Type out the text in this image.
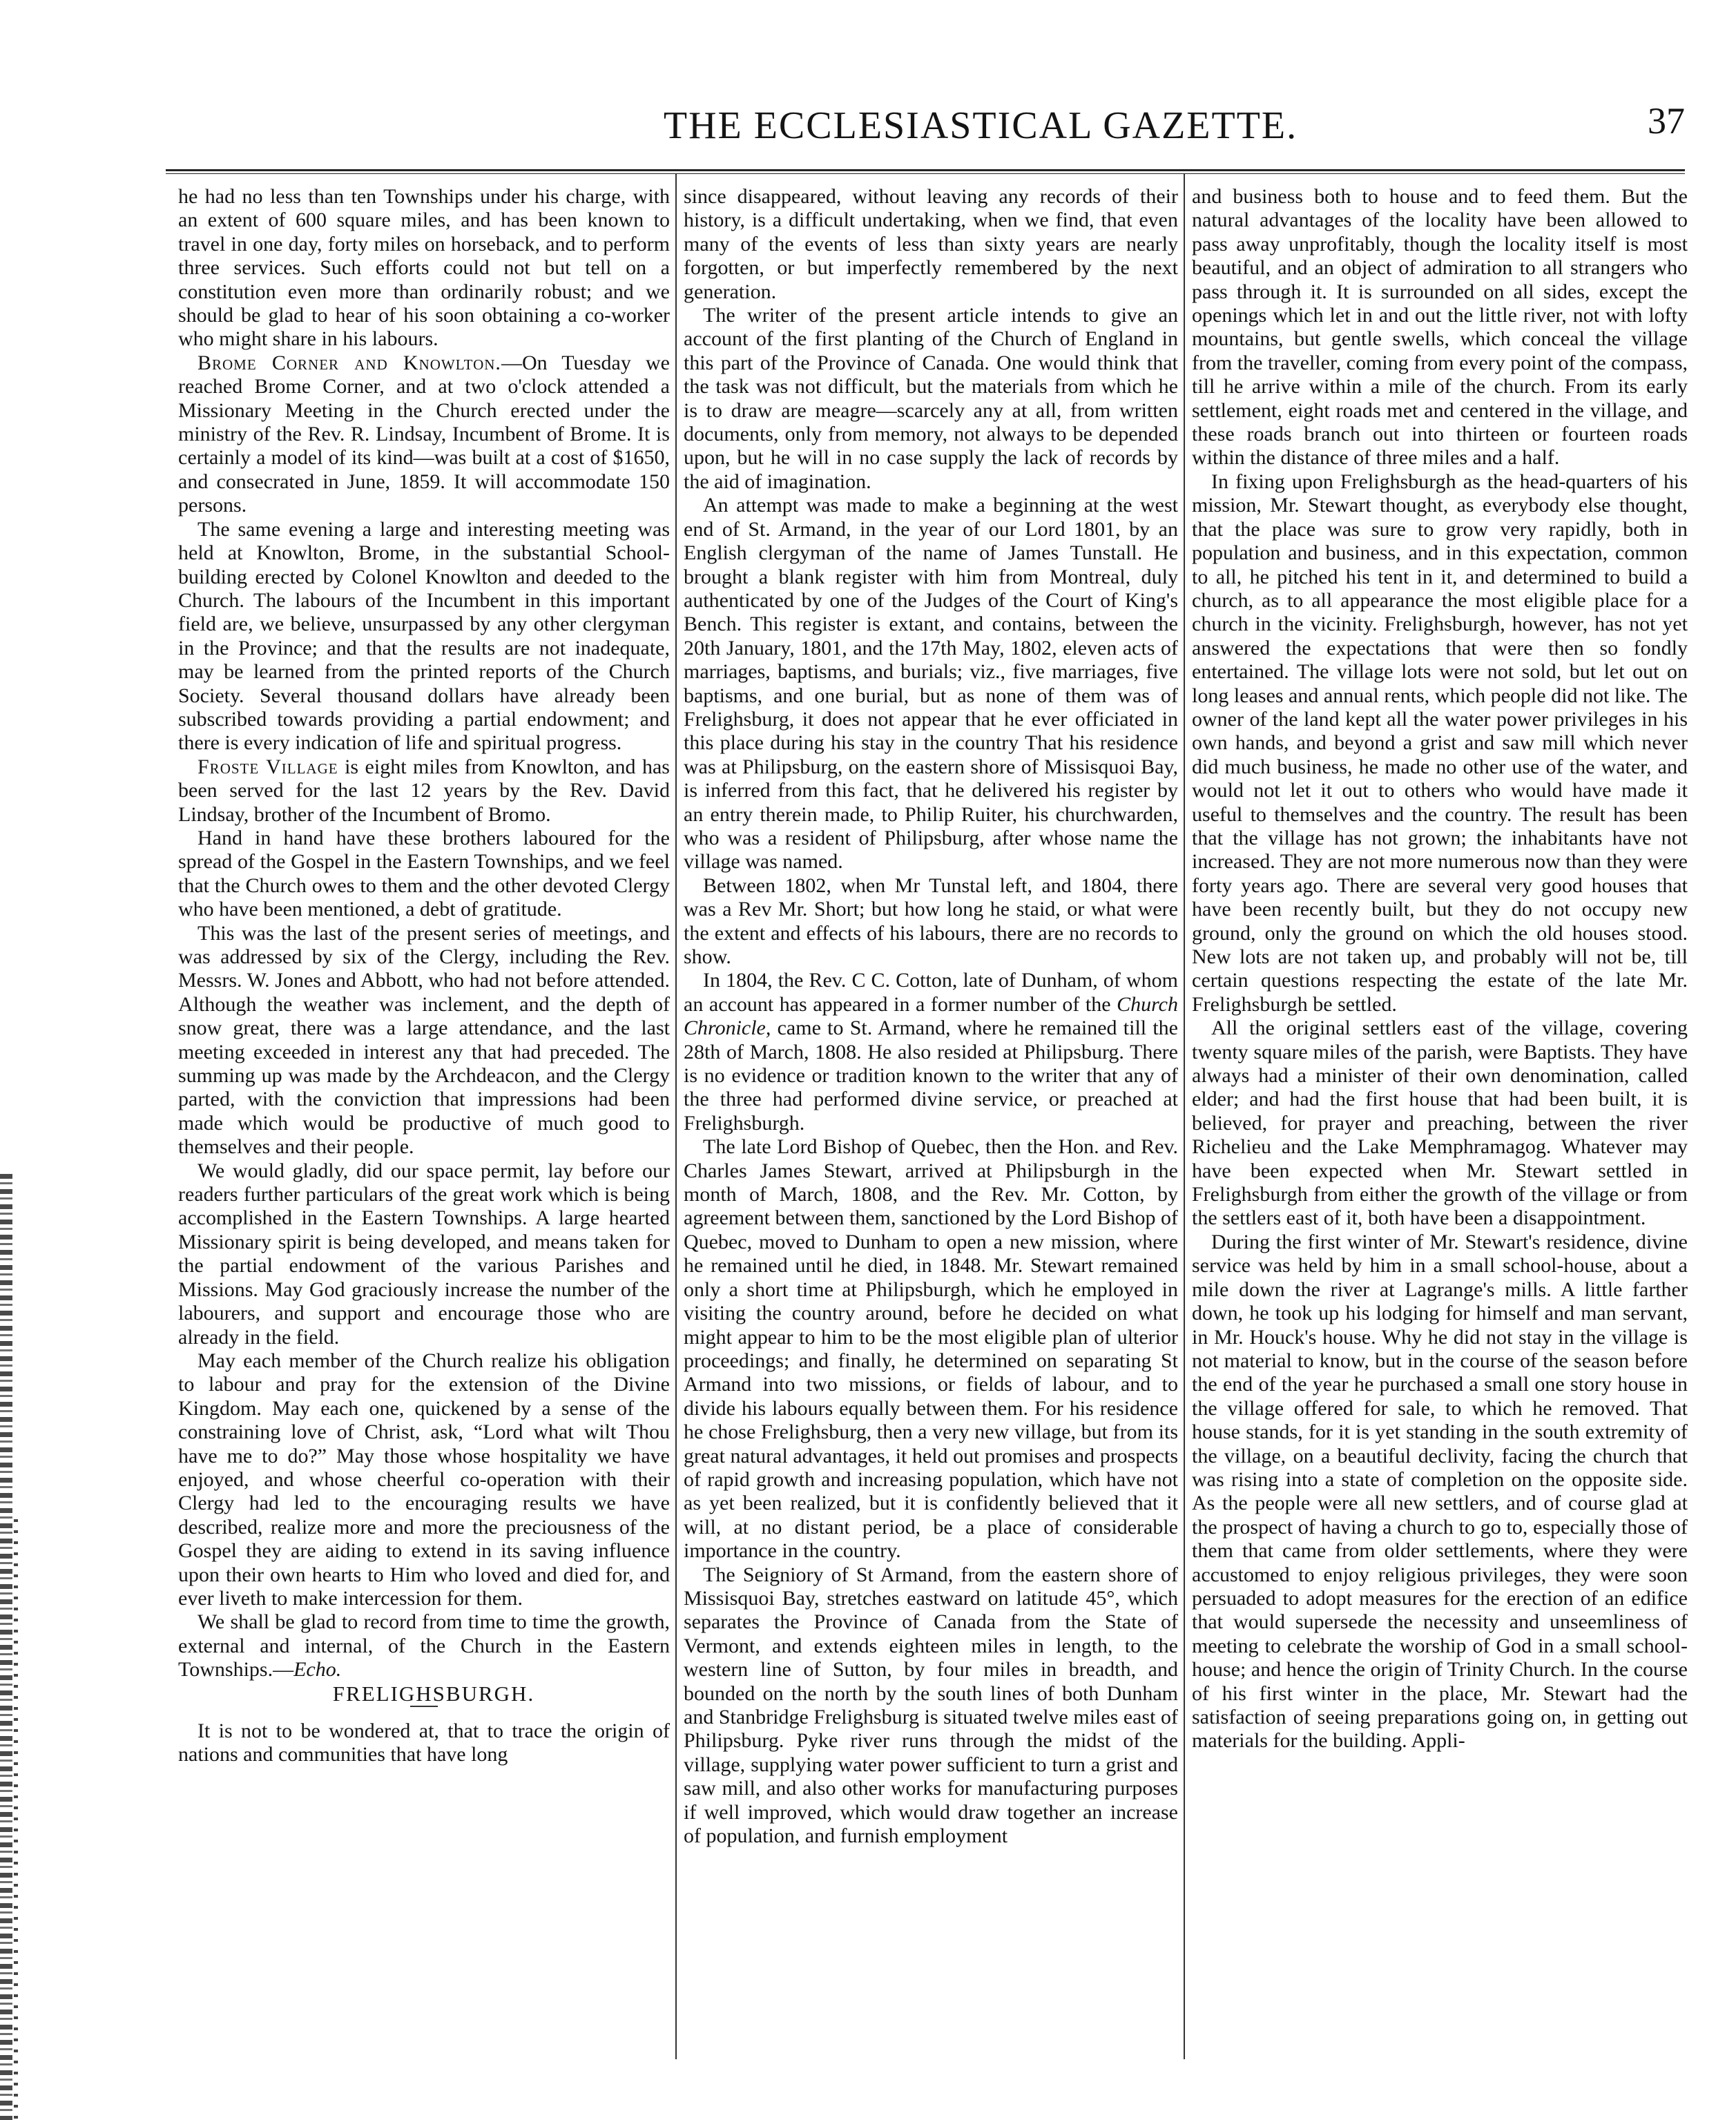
THE ECCLESIASTICAL GAZETTE.	37

he had no less than ten Townships under his charge, with an extent of 600 square miles, and has been known to travel in one day, forty miles on horseback, and to perform three services. Such efforts could not but tell on a constitution even more than ordinarily robust; and we should be glad to hear of his soon obtaining a co-worker who might share in his labours.

Brome Corner and Knowlton.—On Tuesday we reached Brome Corner, and at two o'clock attended a Missionary Meeting in the Church erected under the ministry of the Rev. R. Lindsay, Incumbent of Brome. It is certainly a model of its kind—was built at a cost of $1650, and consecrated in June, 1859. It will accommodate 150 persons.

The same evening a large and interesting meeting was held at Knowlton, Brome, in the substantial School-building erected by Colonel Knowlton and deeded to the Church. The labours of the Incumbent in this important field are, we believe, unsurpassed by any other clergyman in the Province; and that the results are not inadequate, may be learned from the printed reports of the Church Society. Several thousand dollars have already been subscribed towards providing a partial endowment; and there is every indication of life and spiritual progress.

Froste Village is eight miles from Knowlton, and has been served for the last 12 years by the Rev. David Lindsay, brother of the Incumbent of Bromo.

Hand in hand have these brothers laboured for the spread of the Gospel in the Eastern Townships, and we feel that the Church owes to them and the other devoted Clergy who have been mentioned, a debt of gratitude.

This was the last of the present series of meetings, and was addressed by six of the Clergy, including the Rev. Messrs. W. Jones and Abbott, who had not before attended. Although the weather was inclement, and the depth of snow great, there was a large attendance, and the last meeting exceeded in interest any that had preceded. The summing up was made by the Archdeacon, and the Clergy parted, with the conviction that impressions had been made which would be productive of much good to themselves and their people.

We would gladly, did our space permit, lay before our readers further particulars of the great work which is being accomplished in the Eastern Townships. A large hearted Missionary spirit is being developed, and means taken for the partial endowment of the various Parishes and Missions. May God graciously increase the number of the labourers, and support and encourage those who are already in the field.

May each member of the Church realize his obligation to labour and pray for the extension of the Divine Kingdom. May each one, quickened by a sense of the constraining love of Christ, ask, “Lord what wilt Thou have me to do?” May those whose hospitality we have enjoyed, and whose cheerful co-operation with their Clergy had led to the encouraging results we have described, realize more and more the preciousness of the Gospel they are aiding to extend in its saving influence upon their own hearts to Him who loved and died for, and ever liveth to make intercession for them.

We shall be glad to record from time to time the growth, external and internal, of the Church in the Eastern Townships.—Echo.

FRELIGHSBURGH.

It is not to be wondered at, that to trace the origin of nations and communities that have long

since disappeared, without leaving any records of their history, is a difficult undertaking, when we find, that even many of the events of less than sixty years are nearly forgotten, or but imperfectly remembered by the next generation.

The writer of the present article intends to give an account of the first planting of the Church of England in this part of the Province of Canada. One would think that the task was not difficult, but the materials from which he is to draw are meagre—scarcely any at all, from written documents, only from memory, not always to be depended upon, but he will in no case supply the lack of records by the aid of imagination.

An attempt was made to make a beginning at the west end of St. Armand, in the year of our Lord 1801, by an English clergyman of the name of James Tunstall. He brought a blank register with him from Montreal, duly authenticated by one of the Judges of the Court of King's Bench. This register is extant, and contains, between the 20th January, 1801, and the 17th May, 1802, eleven acts of marriages, baptisms, and burials; viz., five marriages, five baptisms, and one burial, but as none of them was of Frelighsburg, it does not appear that he ever officiated in this place during his stay in the country That his residence was at Philipsburg, on the eastern shore of Missisquoi Bay, is inferred from this fact, that he delivered his register by an entry therein made, to Philip Ruiter, his churchwarden, who was a resident of Philipsburg, after whose name the village was named.

Between 1802, when Mr Tunstal left, and 1804, there was a Rev Mr. Short; but how long he staid, or what were the extent and effects of his labours, there are no records to show.

In 1804, the Rev. C C. Cotton, late of Dunham, of whom an account has appeared in a former number of the Church Chronicle, came to St. Armand, where he remained till the 28th of March, 1808. He also resided at Philipsburg. There is no evidence or tradition known to the writer that any of the three had performed divine service, or preached at Frelighsburgh.

The late Lord Bishop of Quebec, then the Hon. and Rev. Charles James Stewart, arrived at Philipsburgh in the month of March, 1808, and the Rev. Mr. Cotton, by agreement between them, sanctioned by the Lord Bishop of Quebec, moved to Dunham to open a new mission, where he remained until he died, in 1848. Mr. Stewart remained only a short time at Philipsburgh, which he employed in visiting the country around, before he decided on what might appear to him to be the most eligible plan of ulterior proceedings; and finally, he determined on separating St Armand into two missions, or fields of labour, and to divide his labours equally between them. For his residence he chose Frelighsburg, then a very new village, but from its great natural advantages, it held out promises and prospects of rapid growth and increasing population, which have not as yet been realized, but it is confidently believed that it will, at no distant period, be a place of considerable importance in the country.

The Seigniory of St Armand, from the eastern shore of Missisquoi Bay, stretches eastward on latitude 45°, which separates the Province of Canada from the State of Vermont, and extends eighteen miles in length, to the western line of Sutton, by four miles in breadth, and bounded on the north by the south lines of both Dunham and Stanbridge Frelighsburg is situated twelve miles east of Philipsburg. Pyke river runs through the midst of the village, supplying water power sufficient to turn a grist and saw mill, and also other works for manufacturing purposes if well improved, which would draw together an increase of population, and furnish employment

and business both to house and to feed them. But the natural advantages of the locality have been allowed to pass away unprofitably, though the locality itself is most beautiful, and an object of admiration to all strangers who pass through it. It is surrounded on all sides, except the openings which let in and out the little river, not with lofty mountains, but gentle swells, which conceal the village from the traveller, coming from every point of the compass, till he arrive within a mile of the church. From its early settlement, eight roads met and centered in the village, and these roads branch out into thirteen or fourteen roads within the distance of three miles and a half.

In fixing upon Frelighsburgh as the head-quarters of his mission, Mr. Stewart thought, as everybody else thought, that the place was sure to grow very rapidly, both in population and business, and in this expectation, common to all, he pitched his tent in it, and determined to build a church, as to all appearance the most eligible place for a church in the vicinity. Frelighsburgh, however, has not yet answered the expectations that were then so fondly entertained. The village lots were not sold, but let out on long leases and annual rents, which people did not like. The owner of the land kept all the water power privileges in his own hands, and beyond a grist and saw mill which never did much business, he made no other use of the water, and would not let it out to others who would have made it useful to themselves and the country. The result has been that the village has not grown; the inhabitants have not increased. They are not more numerous now than they were forty years ago. There are several very good houses that have been recently built, but they do not occupy new ground, only the ground on which the old houses stood. New lots are not taken up, and probably will not be, till certain questions respecting the estate of the late Mr. Frelighsburgh be settled.

All the original settlers east of the village, covering twenty square miles of the parish, were Baptists. They have always had a minister of their own denomination, called elder; and had the first house that had been built, it is believed, for prayer and preaching, between the river Richelieu and the Lake Memphramagog. Whatever may have been expected when Mr. Stewart settled in Frelighsburgh from either the growth of the village or from the settlers east of it, both have been a disappointment.

During the first winter of Mr. Stewart's residence, divine service was held by him in a small school-house, about a mile down the river at Lagrange's mills. A little farther down, he took up his lodging for himself and man servant, in Mr. Houck's house. Why he did not stay in the village is not material to know, but in the course of the season before the end of the year he purchased a small one story house in the village offered for sale, to which he removed. That house stands, for it is yet standing in the south extremity of the village, on a beautiful declivity, facing the church that was rising into a state of completion on the opposite side. As the people were all new settlers, and of course glad at the prospect of having a church to go to, especially those of them that came from older settlements, where they were accustomed to enjoy religious privileges, they were soon persuaded to adopt measures for the erection of an edifice that would supersede the necessity and unseemliness of meeting to celebrate the worship of God in a small school-house; and hence the origin of Trinity Church. In the course of his first winter in the place, Mr. Stewart had the satisfaction of seeing preparations going on, in getting out materials for the building. Appli-
